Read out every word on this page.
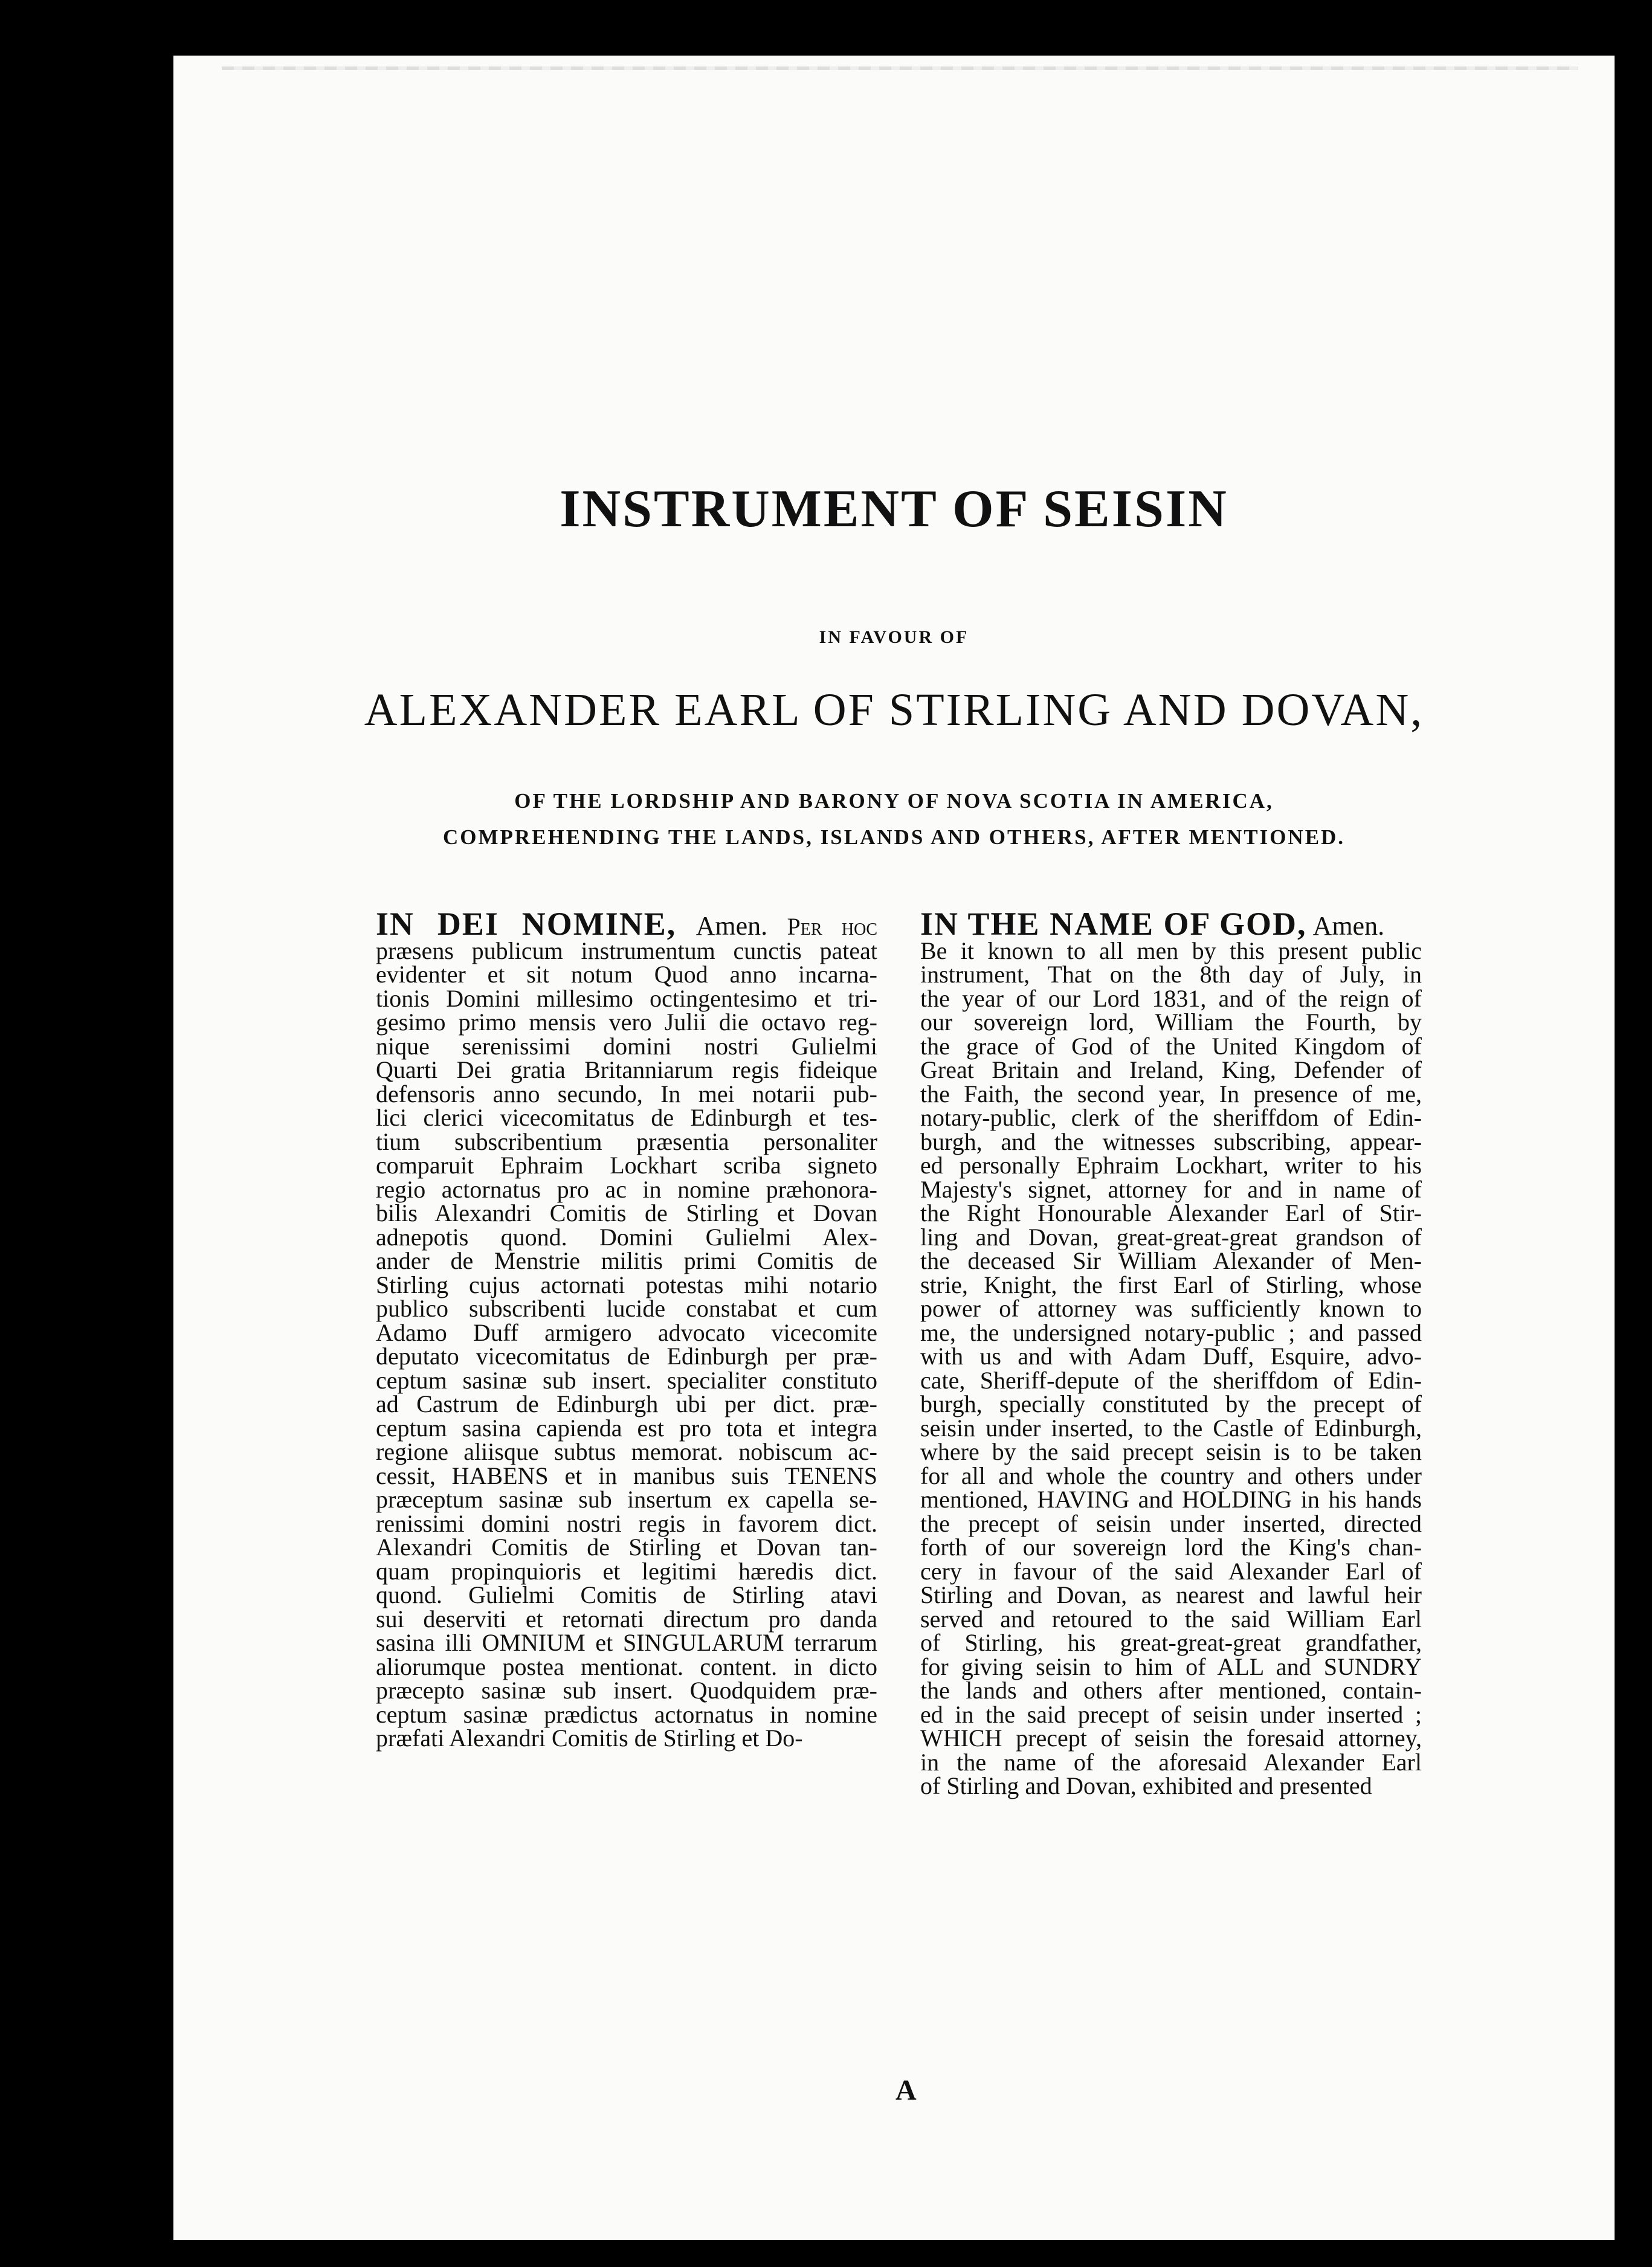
INSTRUMENT OF SEISIN
IN FAVOUR OF
ALEXANDER EARL OF STIRLING AND DOVAN,
OF THE LORDSHIP AND BARONY OF NOVA SCOTIA IN AMERICA,
COMPREHENDING THE LANDS, ISLANDS AND OTHERS, AFTER MENTIONED.
IN DEI NOMINE, Amen. Per hoc
præsens publicum instrumentum cunctis pateat
evidenter et sit notum Quod anno incarna-
tionis Domini millesimo octingentesimo et tri-
gesimo primo mensis vero Julii die octavo reg-
nique serenissimi domini nostri Gulielmi
Quarti Dei gratia Britanniarum regis fideique
defensoris anno secundo, In mei notarii pub-
lici clerici vicecomitatus de Edinburgh et tes-
tium subscribentium præsentia personaliter
comparuit Ephraim Lockhart scriba signeto
regio actornatus pro ac in nomine præhonora-
bilis Alexandri Comitis de Stirling et Dovan
adnepotis quond. Domini Gulielmi Alex-
ander de Menstrie militis primi Comitis de
Stirling cujus actornati potestas mihi notario
publico subscribenti lucide constabat et cum
Adamo Duff armigero advocato vicecomite
deputato vicecomitatus de Edinburgh per præ-
ceptum sasinæ sub insert. specialiter constituto
ad Castrum de Edinburgh ubi per dict. præ-
ceptum sasina capienda est pro tota et integra
regione aliisque subtus memorat. nobiscum ac-
cessit, HABENS et in manibus suis TENENS
præceptum sasinæ sub insertum ex capella se-
renissimi domini nostri regis in favorem dict.
Alexandri Comitis de Stirling et Dovan tan-
quam propinquioris et legitimi hæredis dict.
quond. Gulielmi Comitis de Stirling atavi
sui deserviti et retornati directum pro danda
sasina illi OMNIUM et SINGULARUM terrarum
aliorumque postea mentionat. content. in dicto
præcepto sasinæ sub insert. Quodquidem præ-
ceptum sasinæ prædictus actornatus in nomine
præfati Alexandri Comitis de Stirling et Do-
IN THE NAME OF GOD, Amen.
Be it known to all men by this present public
instrument, That on the 8th day of July, in
the year of our Lord 1831, and of the reign of
our sovereign lord, William the Fourth, by
the grace of God of the United Kingdom of
Great Britain and Ireland, King, Defender of
the Faith, the second year, In presence of me,
notary-public, clerk of the sheriffdom of Edin-
burgh, and the witnesses subscribing, appear-
ed personally Ephraim Lockhart, writer to his
Majesty's signet, attorney for and in name of
the Right Honourable Alexander Earl of Stir-
ling and Dovan, great-great-great grandson of
the deceased Sir William Alexander of Men-
strie, Knight, the first Earl of Stirling, whose
power of attorney was sufficiently known to
me, the undersigned notary-public ; and passed
with us and with Adam Duff, Esquire, advo-
cate, Sheriff-depute of the sheriffdom of Edin-
burgh, specially constituted by the precept of
seisin under inserted, to the Castle of Edinburgh,
where by the said precept seisin is to be taken
for all and whole the country and others under
mentioned, HAVING and HOLDING in his hands
the precept of seisin under inserted, directed
forth of our sovereign lord the King's chan-
cery in favour of the said Alexander Earl of
Stirling and Dovan, as nearest and lawful heir
served and retoured to the said William Earl
of Stirling, his great-great-great grandfather,
for giving seisin to him of ALL and SUNDRY
the lands and others after mentioned, contain-
ed in the said precept of seisin under inserted ;
WHICH precept of seisin the foresaid attorney,
in the name of the aforesaid Alexander Earl
of Stirling and Dovan, exhibited and presented
A
